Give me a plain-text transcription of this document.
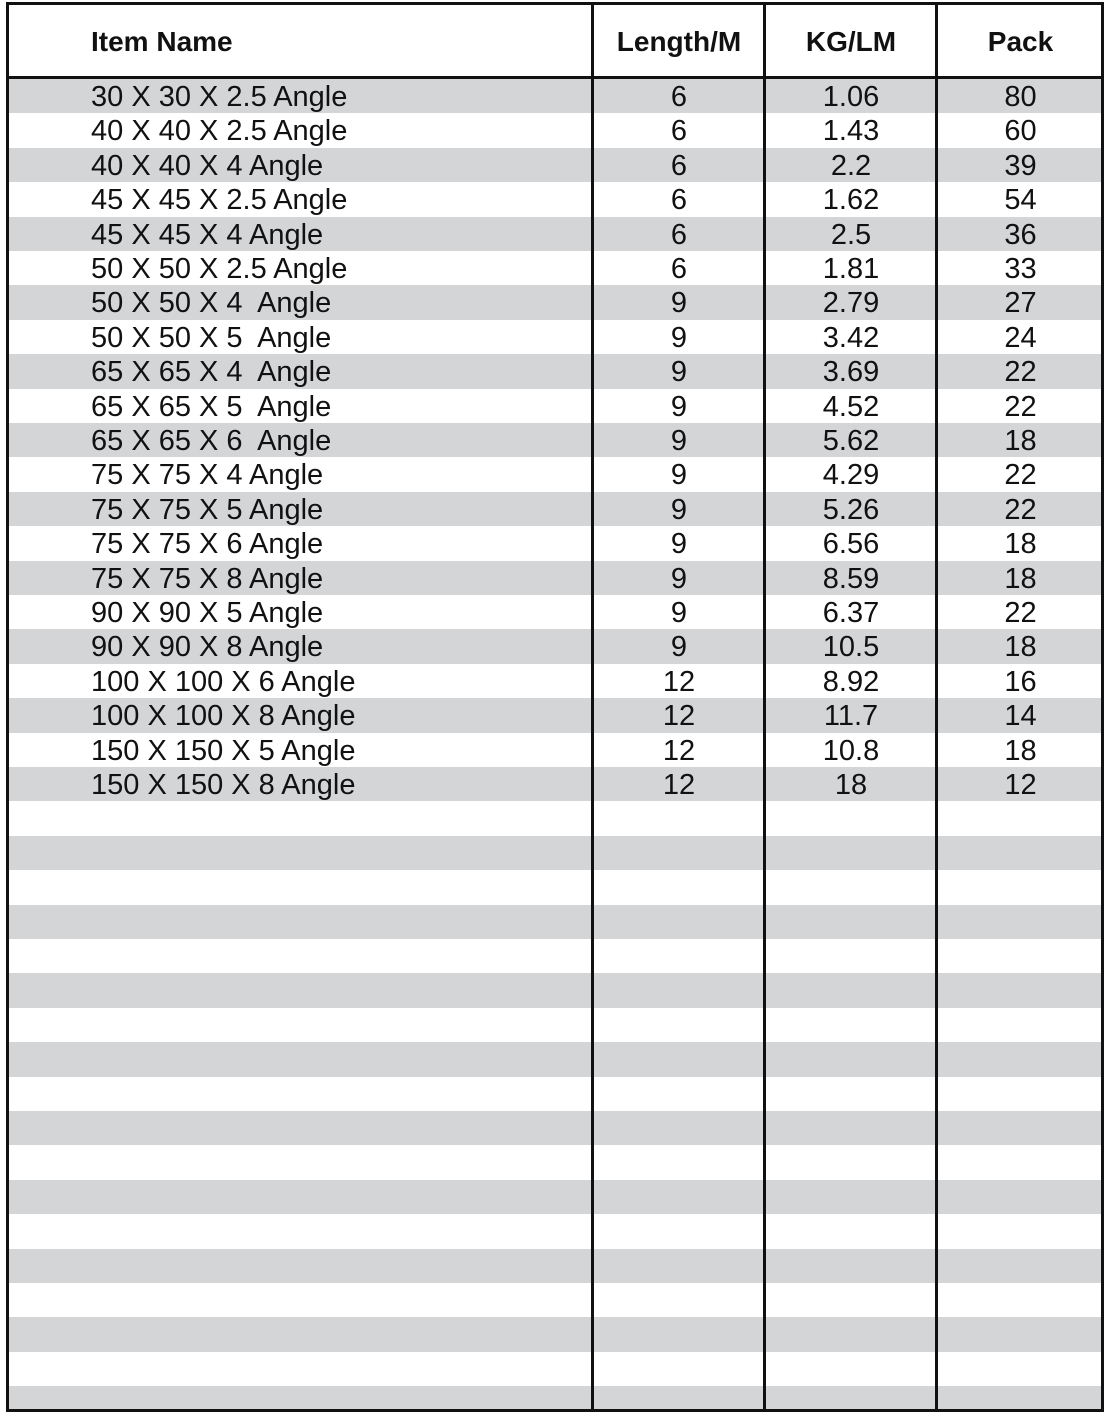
Item Name	Length/M	KG/LM	Pack
30 X 30 X 2.5 Angle	6	1.06	80
40 X 40 X 2.5 Angle	6	1.43	60
40 X 40 X 4 Angle	6	2.2	39
45 X 45 X 2.5 Angle	6	1.62	54
45 X 45 X 4 Angle	6	2.5	36
50 X 50 X 2.5 Angle	6	1.81	33
50 X 50 X 4  Angle	9	2.79	27
50 X 50 X 5  Angle	9	3.42	24
65 X 65 X 4  Angle	9	3.69	22
65 X 65 X 5  Angle	9	4.52	22
65 X 65 X 6  Angle	9	5.62	18
75 X 75 X 4 Angle	9	4.29	22
75 X 75 X 5 Angle	9	5.26	22
75 X 75 X 6 Angle	9	6.56	18
75 X 75 X 8 Angle	9	8.59	18
90 X 90 X 5 Angle	9	6.37	22
90 X 90 X 8 Angle	9	10.5	18
100 X 100 X 6 Angle	12	8.92	16
100 X 100 X 8 Angle	12	11.7	14
150 X 150 X 5 Angle	12	10.8	18
150 X 150 X 8 Angle	12	18	12
